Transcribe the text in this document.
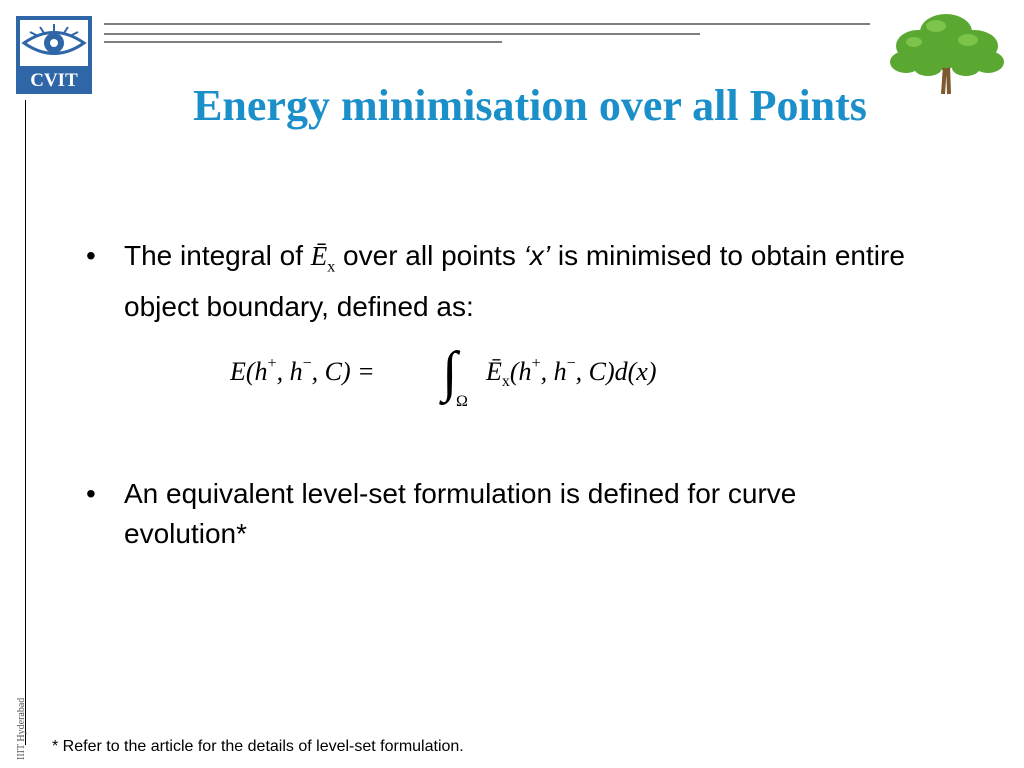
CVIT
IIIT Hyderabad
Energy minimisation over all Points
• The integral of $Ē_x$ over all points ‘x’ is minimised to obtain entire object boundary, defined as:
E(h+, h−, C) = ∫
Ω
$Ē_x(h^+$, h−, C)d(x)
• An equivalent level-set formulation is defined for curve evolution*
* Refer to the article for the details of level-set formulation.
